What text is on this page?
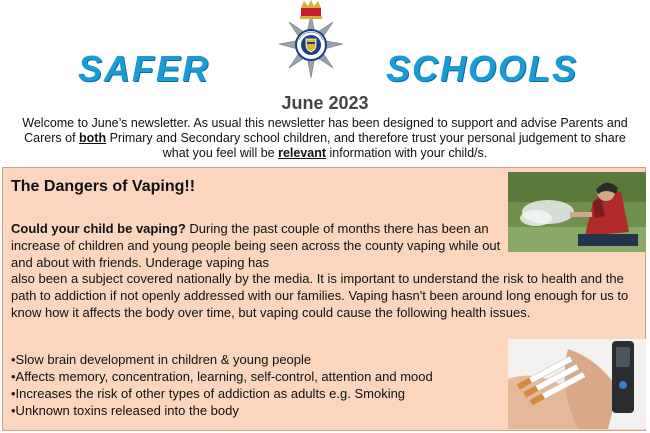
SAFER	SCHOOLS
June 2023
Welcome to June’s newsletter. As usual this newsletter has been designed to support and advise Parents and Carers of both Primary and Secondary school children, and therefore trust your personal judgement to share what you feel will be relevant information with your child/s.
The Dangers of Vaping!!
Could your child be vaping? During the past couple of months there has been an increase of children and young people being seen across the county vaping while out and about with friends. Underage vaping has
also been a subject covered nationally by the media. It is important to understand the risk to health and the path to addiction if not openly addressed with our families. Vaping hasn't been around long enough for us to know how it affects the body over time, but vaping could cause the following health issues.
•Slow brain development in children & young people
•Affects memory, concentration, learning, self-control, attention and mood
•Increases the risk of other types of addiction as adults e.g. Smoking
•Unknown toxins released into the body
